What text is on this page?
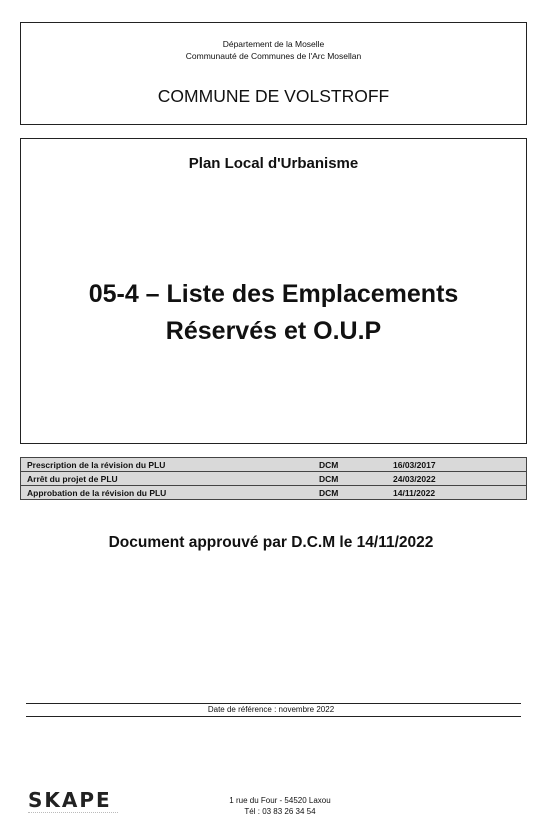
Département de la Moselle
Communauté de Communes de l'Arc Mosellan
COMMUNE DE VOLSTROFF
Plan Local d'Urbanisme
05-4 – Liste des Emplacements
Réservés et O.U.P
Prescription de la révision du PLU	DCM	16/03/2017
Arrêt du projet de PLU	DCM	24/03/2022
Approbation de la révision du PLU	DCM	14/11/2022
Document approuvé par D.C.M le 14/11/2022
Date de référence : novembre 2022
SKAPE	1 rue du Four - 54520 Laxou
Tél : 03 83 26 34 54
